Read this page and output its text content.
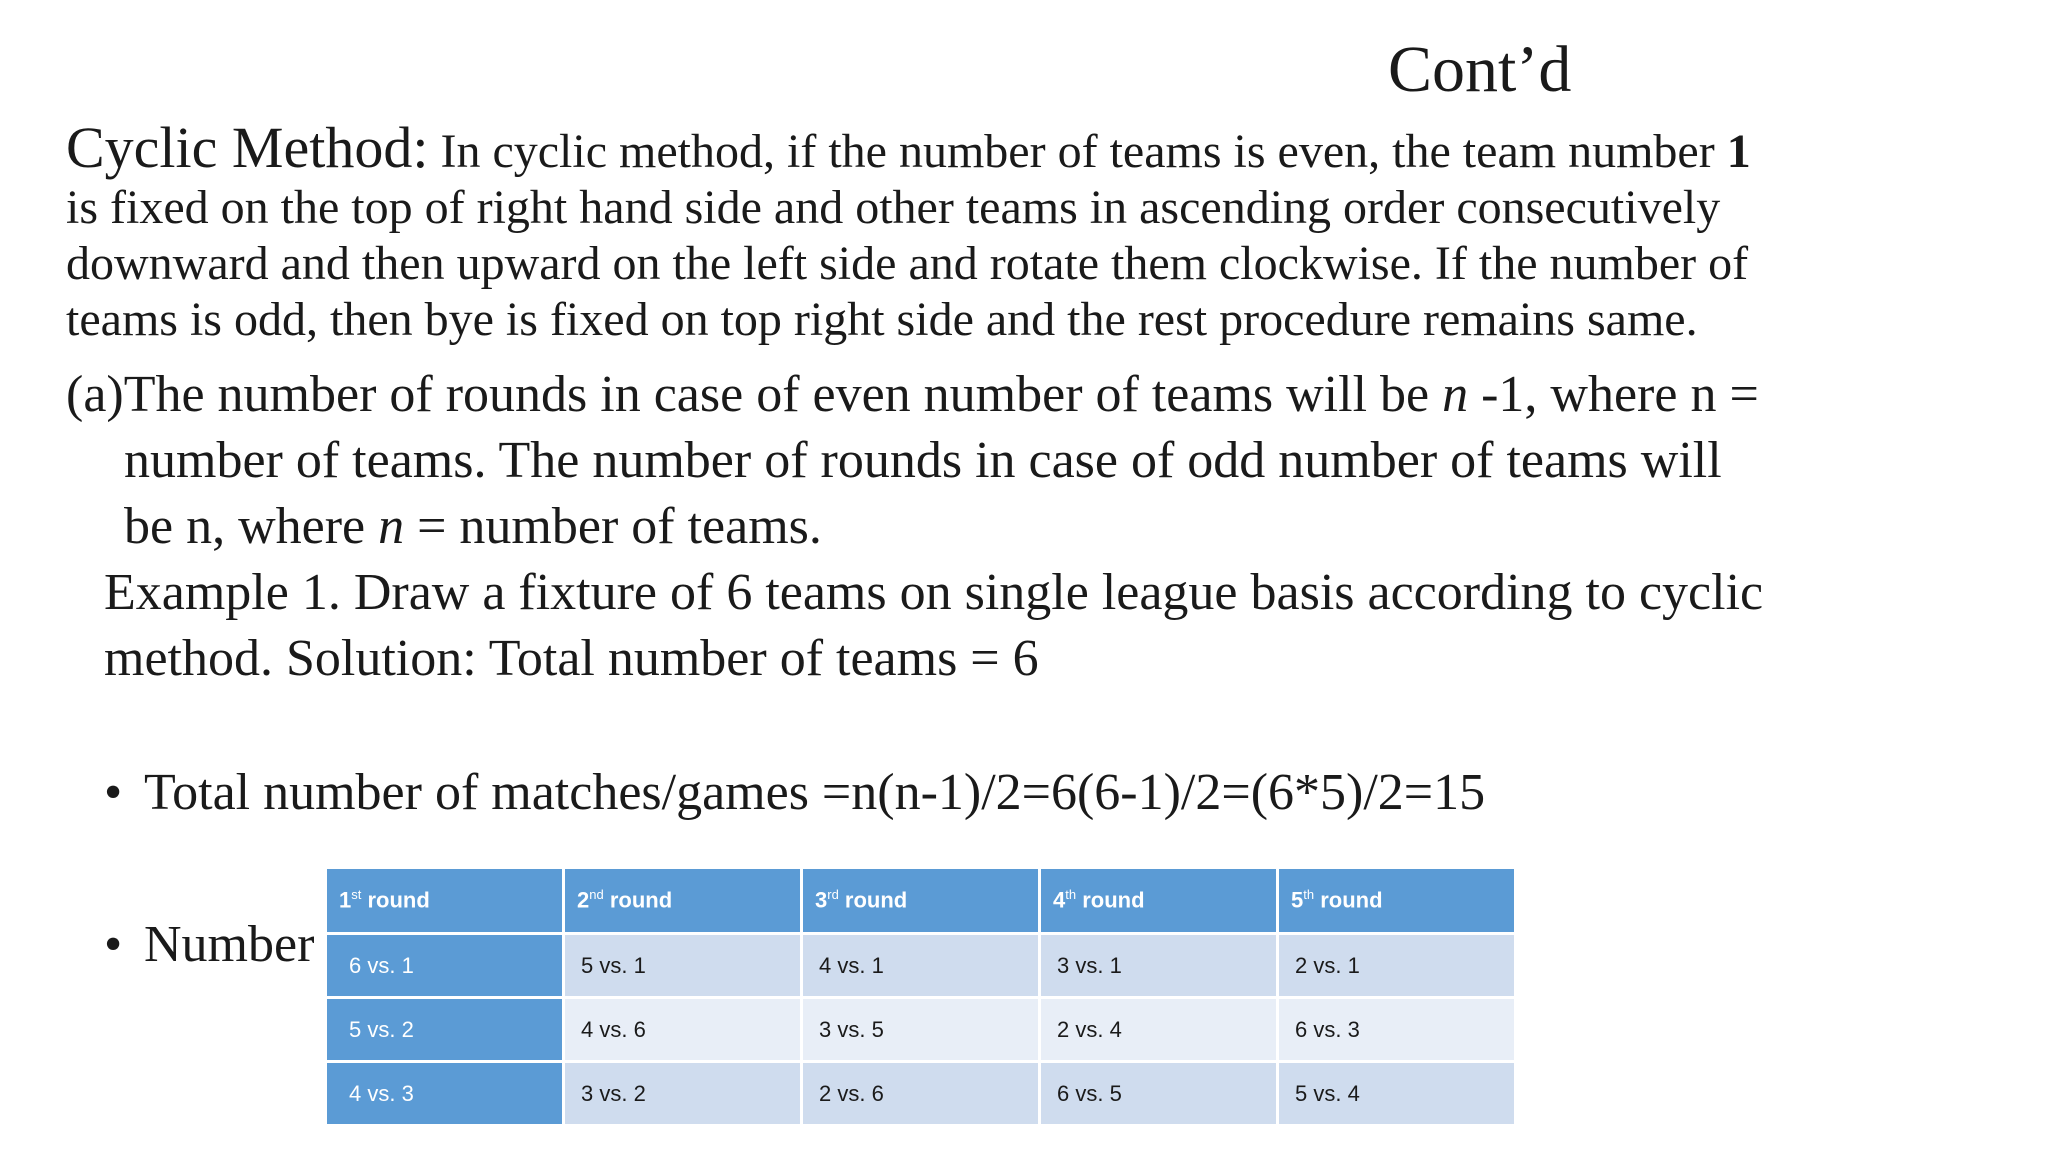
Cont’d
Cyclic Method: In cyclic method, if the number of teams is even, the team number 1
is fixed on the top of right hand side and other teams in ascending order consecutively
downward and then upward on the left side and rotate them clockwise. If the number of
teams is odd, then bye is fixed on top right side and the rest procedure remains same.
(a)The number of rounds in case of even number of teams will be n -1, where n =
number of teams. The number of rounds in case of odd number of teams will
be n, where n = number of teams.
Example 1. Draw a fixture of 6 teams on single league basis according to cyclic
method. Solution: Total number of teams = 6
• Total number of matches/games =n(n-1)/2=6(6-1)/2=(6*5)/2=15
• Number
1st round	2nd round	3rd round	4th round	5th round
6 vs. 1	5 vs. 1	4 vs. 1	3 vs. 1	2 vs. 1
5 vs. 2	4 vs. 6	3 vs. 5	2 vs. 4	6 vs. 3
4 vs. 3	3 vs. 2	2 vs. 6	6 vs. 5	5 vs. 4
